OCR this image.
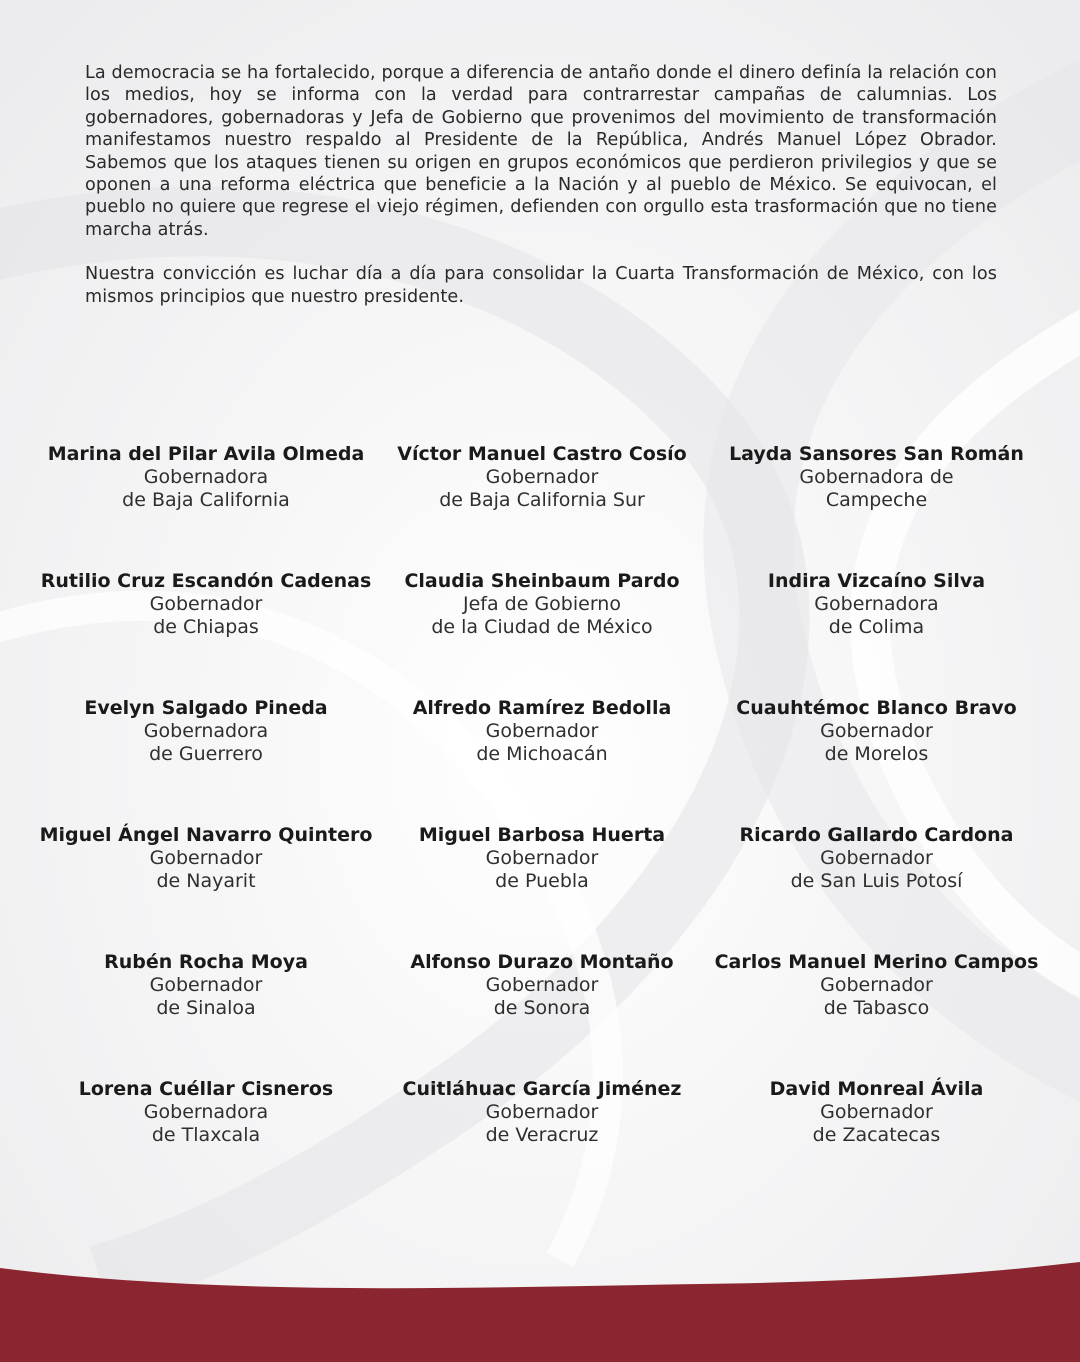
La democracia se ha fortalecido, porque a diferencia de antaño donde el dinero definía la relación con los medios, hoy se informa con la verdad para contrarrestar campañas de calumnias. Los gobernadores, gobernadoras y Jefa de Gobierno que provenimos del movimiento de transformación manifestamos nuestro respaldo al Presidente de la República, Andrés Manuel López Obrador. Sabemos que los ataques tienen su origen en grupos económicos que perdieron privilegios y que se oponen a una reforma eléctrica que beneficie a la Nación y al pueblo de México. Se equivocan, el pueblo no quiere que regrese el viejo régimen, defienden con orgullo esta trasformación que no tiene marcha atrás.

Nuestra convicción es luchar día a día para consolidar la Cuarta Transformación de México, con los mismos principios que nuestro presidente.

Marina del Pilar Avila Olmeda
Gobernadora
de Baja California
Víctor Manuel Castro Cosío
Gobernador
de Baja California Sur
Layda Sansores San Román
Gobernadora de
Campeche
Rutilio Cruz Escandón Cadenas
Gobernador
de Chiapas
Claudia Sheinbaum Pardo
Jefa de Gobierno
de la Ciudad de México
Indira Vizcaíno Silva
Gobernadora
de Colima
Evelyn Salgado Pineda
Gobernadora
de Guerrero
Alfredo Ramírez Bedolla
Gobernador
de Michoacán
Cuauhtémoc Blanco Bravo
Gobernador
de Morelos
Miguel Ángel Navarro Quintero
Gobernador
de Nayarit
Miguel Barbosa Huerta
Gobernador
de Puebla
Ricardo Gallardo Cardona
Gobernador
de San Luis Potosí
Rubén Rocha Moya
Gobernador
de Sinaloa
Alfonso Durazo Montaño
Gobernador
de Sonora
Carlos Manuel Merino Campos
Gobernador
de Tabasco
Lorena Cuéllar Cisneros
Gobernadora
de Tlaxcala
Cuitláhuac García Jiménez
Gobernador
de Veracruz
David Monreal Ávila
Gobernador
de Zacatecas
